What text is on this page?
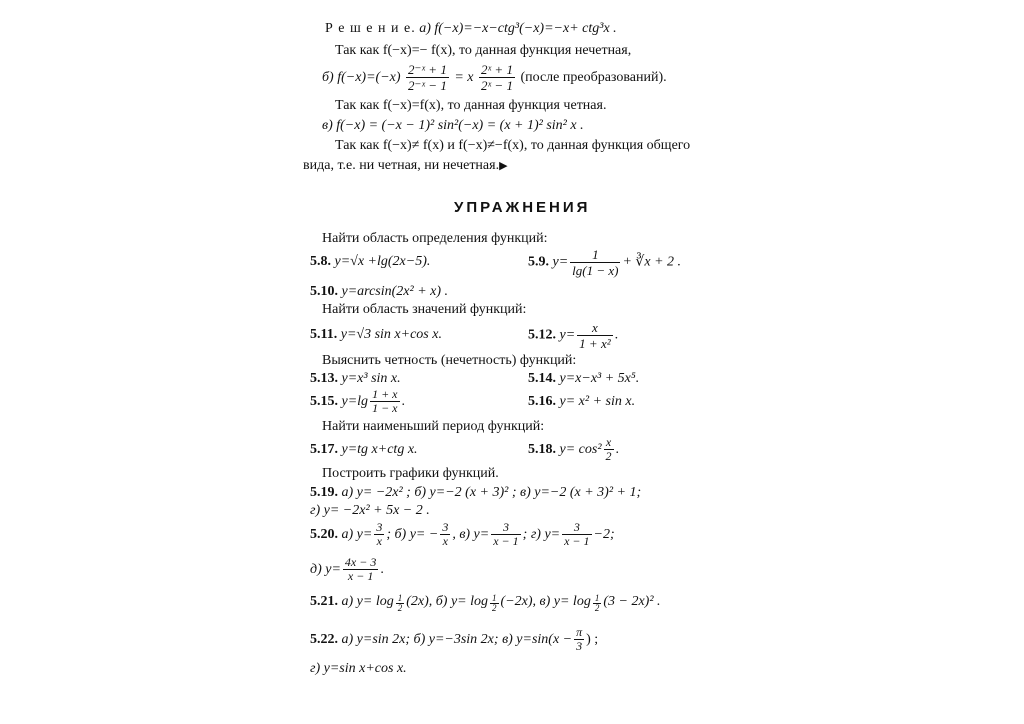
Р е ш е н и е. а) f(−x)=−x−ctg³(−x)=−x+ ctg³x .
Так как f(−x)=− f(x), то данная функция нечетная,
б) $f(-x)=(-x) \frac{\text{2⁻ˣ + 1}}{\text{2⁻ˣ − 1}} = x \frac{\text{2ˣ + 1}}{\text{2ˣ − 1}}$ (после преобразований).
Так как f(−x)=f(x), то данная функция четная.
в) f(−x) = (−x − 1)² sin²(−x) = (x + 1)² sin² x .
Так как f(−x)≠ f(x) и f(−x)≠−f(x), то данная функция общего
вида, т.е. ни четная, ни нечетная.▶
УПРАЖНЕНИЯ
Найти область определения функций:
5.8. y=√x +lg(2x−5).	5.9. $y= \frac{1}{\lg(1 - x)}$ + ∛x + 2 .
5.10. y=arcsin(2x² + x) .
Найти область значений функций:
5.11. y=√3 sin x+cos x.	5.12. $y= \frac{x}{\text{1 + x²}}$ .
Выяснить четность (нечетность) функций:
5.13. y=x³ sin x.	5.14. y=x−x³ + 5x⁵.
5.15. $y=\lg \frac{1 + x}{1 - x}$ .	5.16. y= x² + sin x.
Найти наименьший период функций:
5.17. y=tg x+ctg x.	5.18. $y= \cos^2 \frac{x}{2}$ .
Построить графики функций.
5.19. а) y= −2x² ; б) y=−2 (x + 3)² ; в) y=−2 (x + 3)² + 1;
г) y= −2x² + 5x − 2 .
5.20. а) $y= \frac{3}{x}$ ; б) $y= - \frac{3}{x}$ , в) $y= \frac{3}{x - 1}$ ; г) $y= \frac{3}{x - 1} -2$;
д) $y= \frac{4x - 3}{x - 1}$ .
5.21. а) $y= \log \frac{1}{2} (2x)$, б) $y= \log \frac{1}{2} (-2x)$, в) $y= \log \frac{1}{2} (3 - 2x)^2$ .
5.22. а) y=sin 2x; б) y=−3sin 2x; в) $y=\sin(x - \frac{\pi}{3}$ ) ;
г) y=sin x+cos x.
